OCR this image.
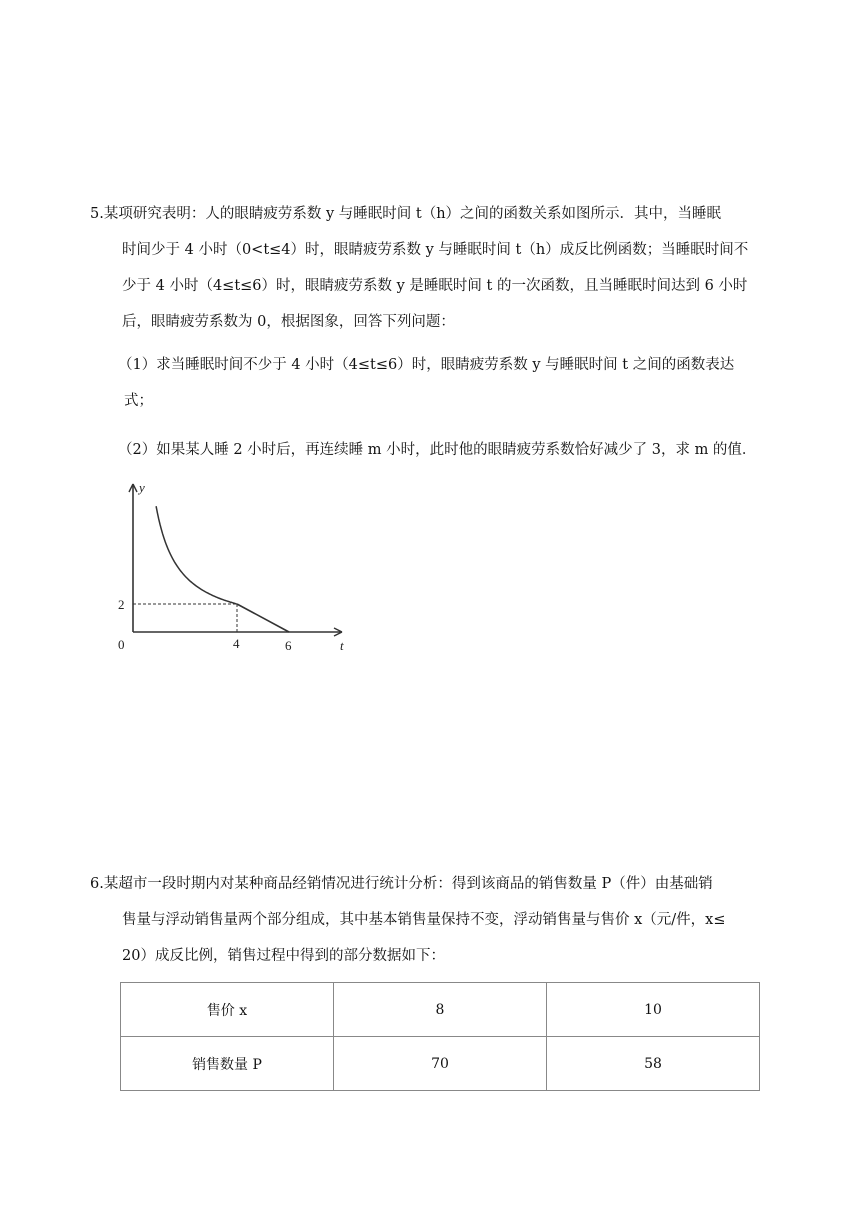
5.某项研究表明：人的眼睛疲劳系数 y 与睡眠时间 t（h）之间的函数关系如图所示．其中，当睡眠
时间少于 4 小时（0<t≤4）时，眼睛疲劳系数 y 与睡眠时间 t（h）成反比例函数；当睡眠时间不
少于 4 小时（4≤t≤6）时，眼睛疲劳系数 y 是睡眠时间 t 的一次函数，且当睡眠时间达到 6 小时
后，眼睛疲劳系数为 0，根据图象，回答下列问题：
（1）求当睡眠时间不少于 4 小时（4≤t≤6）时，眼睛疲劳系数 y 与睡眠时间 t 之间的函数表达
式；
（2）如果某人睡 2 小时后，再连续睡 m 小时，此时他的眼睛疲劳系数恰好减少了 3，求 m 的值．
y
t
0
2
4	6
6.某超市一段时期内对某种商品经销情况进行统计分析：得到该商品的销售数量 P（件）由基础销
售量与浮动销售量两个部分组成，其中基本销售量保持不变，浮动销售量与售价 x（元/件，x≤
20）成反比例，销售过程中得到的部分数据如下：
售价 x	8	10
销售数量 P	70	58
